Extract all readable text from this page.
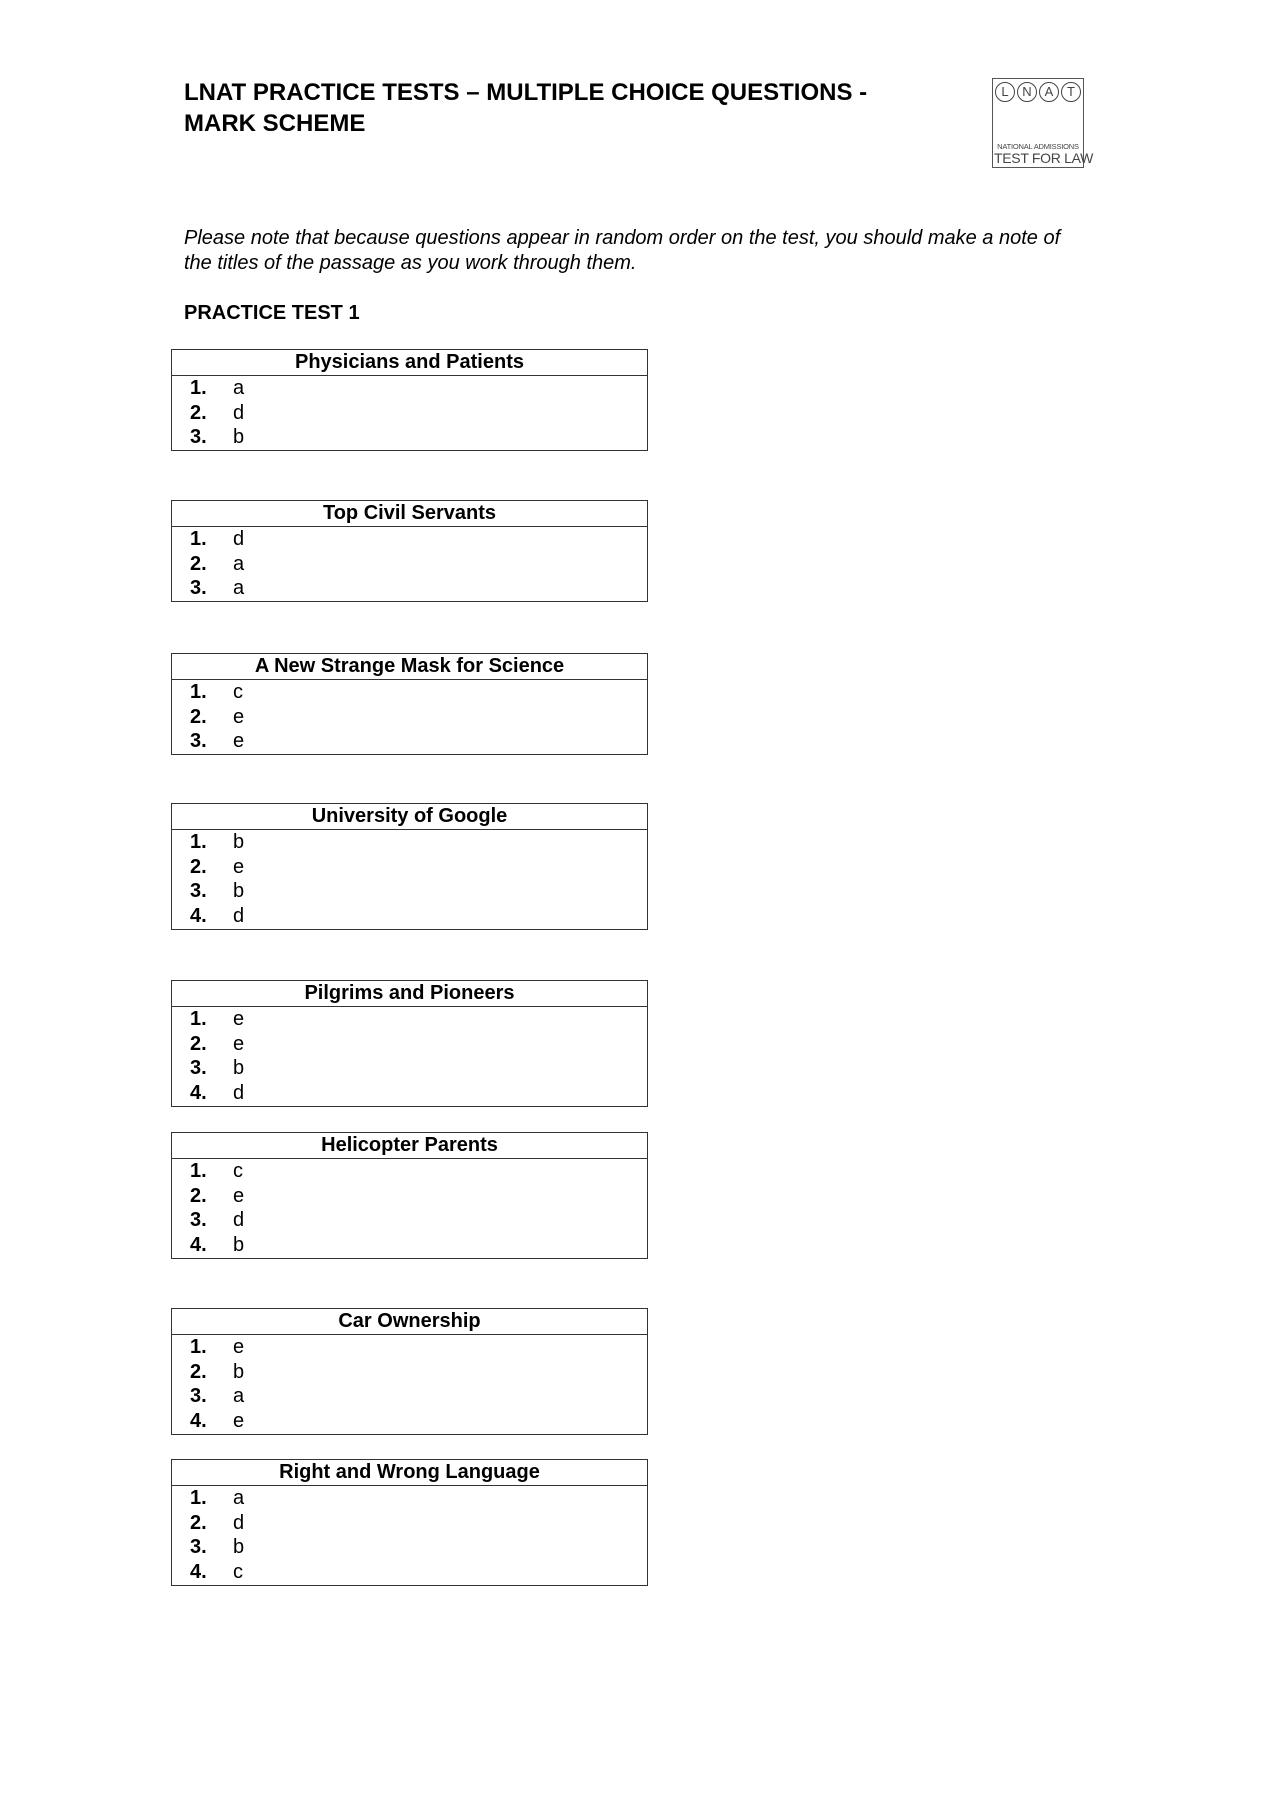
LNAT PRACTICE TESTS – MULTIPLE CHOICE QUESTIONS -
MARK SCHEME
L	N A	T
NATIONAL ADMISSIONS
TEST FOR LAW
Please note that because questions appear in random order on the test, you should make a note of the titles of the passage as you work through them.
PRACTICE TEST 1
Physicians and Patients
1. a
2. d
3. b
Top Civil Servants
1. d
2. a
3. a
A New Strange Mask for Science
1. c
2. e
3. e
University of Google
1. b
2. e
3. b
4. d
Pilgrims and Pioneers
1. e
2. e
3. b
4. d
Helicopter Parents
1. c
2. e
3. d
4. b
Car Ownership
1. e
2. b
3. a
4. e
Right and Wrong Language
1. a
2. d
3. b
4. c
